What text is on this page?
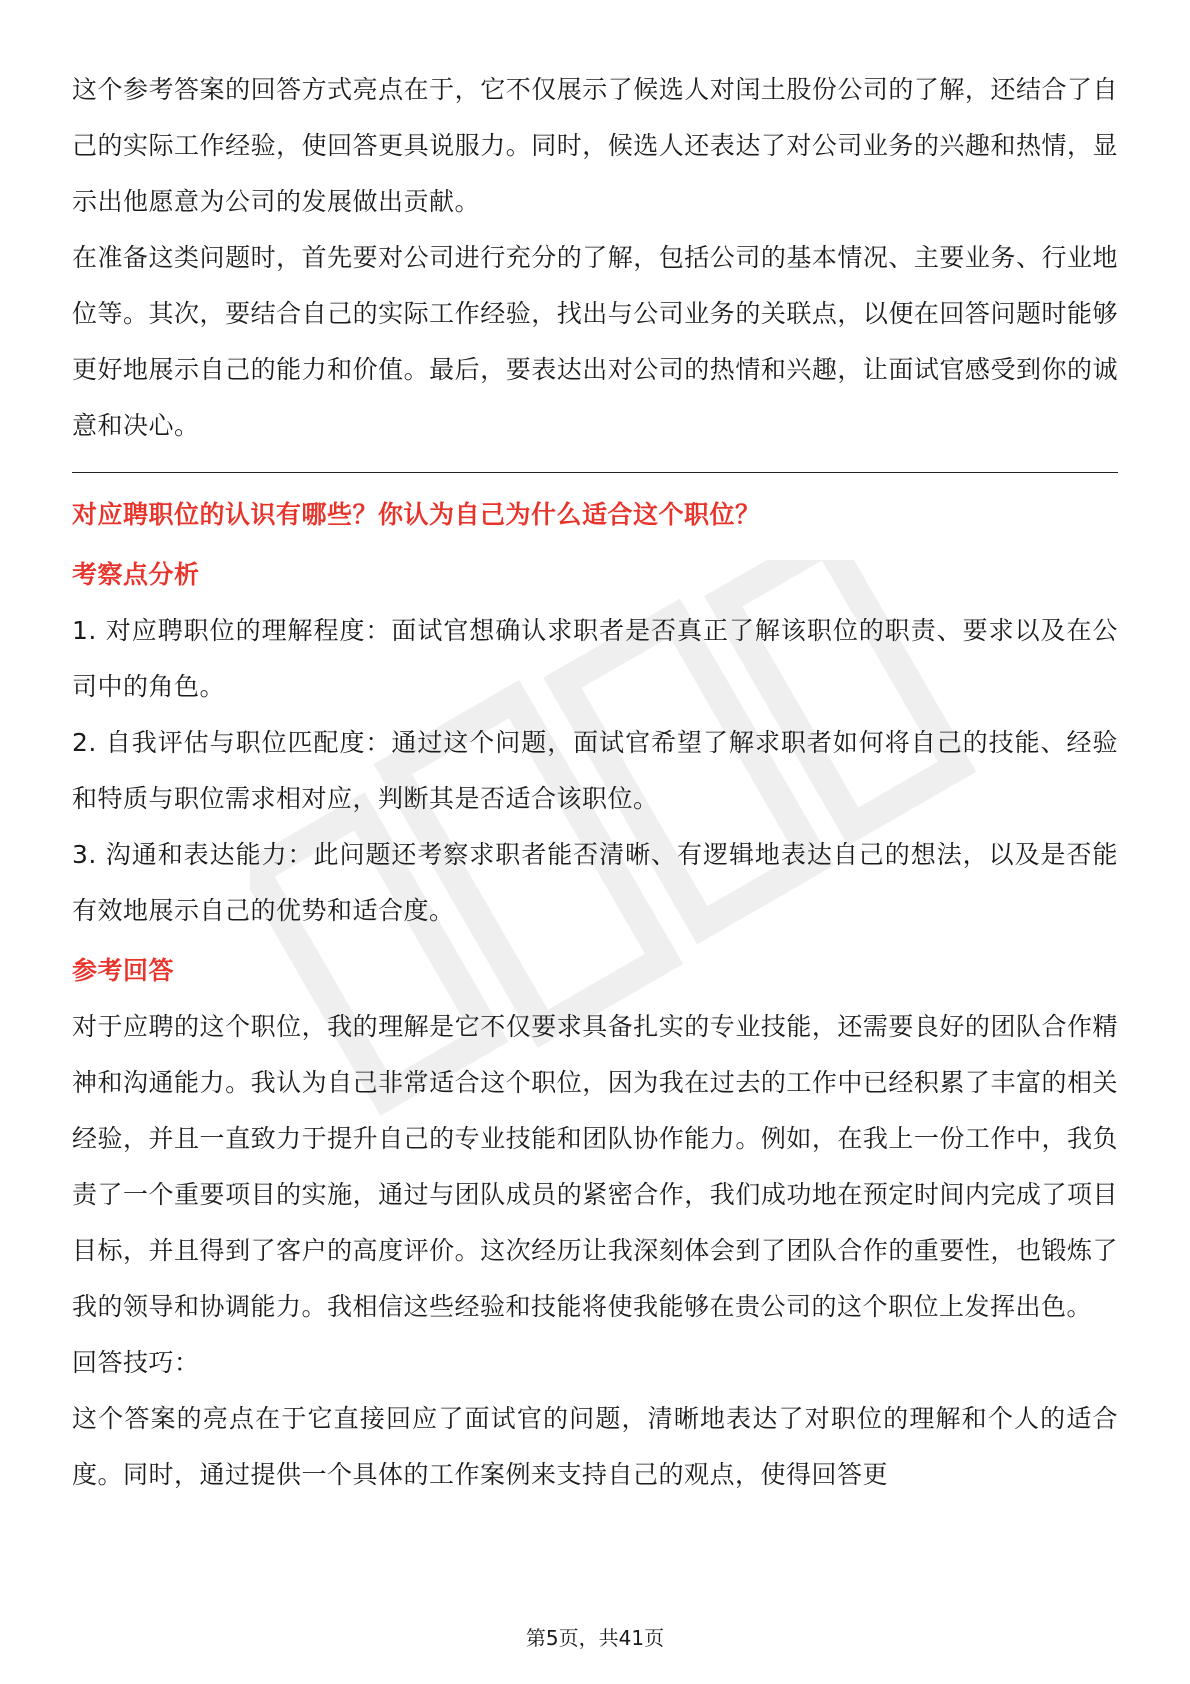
这个参考答案的回答方式亮点在于，它不仅展示了候选人对闰土股份公司的了解，还结合了自己的实际工作经验，使回答更具说服力。同时，候选人还表达了对公司业务的兴趣和热情，显示出他愿意为公司的发展做出贡献。

在准备这类问题时，首先要对公司进行充分的了解，包括公司的基本情况、主要业务、行业地位等。其次，要结合自己的实际工作经验，找出与公司业务的关联点，以便在回答问题时能够更好地展示自己的能力和价值。最后，要表达出对公司的热情和兴趣，让面试官感受到你的诚意和决心。

对应聘职位的认识有哪些？你认为自己为什么适合这个职位？

考察点分析

1. 对应聘职位的理解程度：面试官想确认求职者是否真正了解该职位的职责、要求以及在公司中的角色。

2. 自我评估与职位匹配度：通过这个问题，面试官希望了解求职者如何将自己的技能、经验和特质与职位需求相对应，判断其是否适合该职位。

3. 沟通和表达能力：此问题还考察求职者能否清晰、有逻辑地表达自己的想法，以及是否能有效地展示自己的优势和适合度。

参考回答

对于应聘的这个职位，我的理解是它不仅要求具备扎实的专业技能，还需要良好的团队合作精神和沟通能力。我认为自己非常适合这个职位，因为我在过去的工作中已经积累了丰富的相关经验，并且一直致力于提升自己的专业技能和团队协作能力。例如，在我上一份工作中，我负责了一个重要项目的实施，通过与团队成员的紧密合作，我们成功地在预定时间内完成了项目目标，并且得到了客户的高度评价。这次经历让我深刻体会到了团队合作的重要性，也锻炼了我的领导和协调能力。我相信这些经验和技能将使我能够在贵公司的这个职位上发挥出色。

回答技巧：

这个答案的亮点在于它直接回应了面试官的问题，清晰地表达了对职位的理解和个人的适合度。同时，通过提供一个具体的工作案例来支持自己的观点，使得回答更

第5页，共41页
